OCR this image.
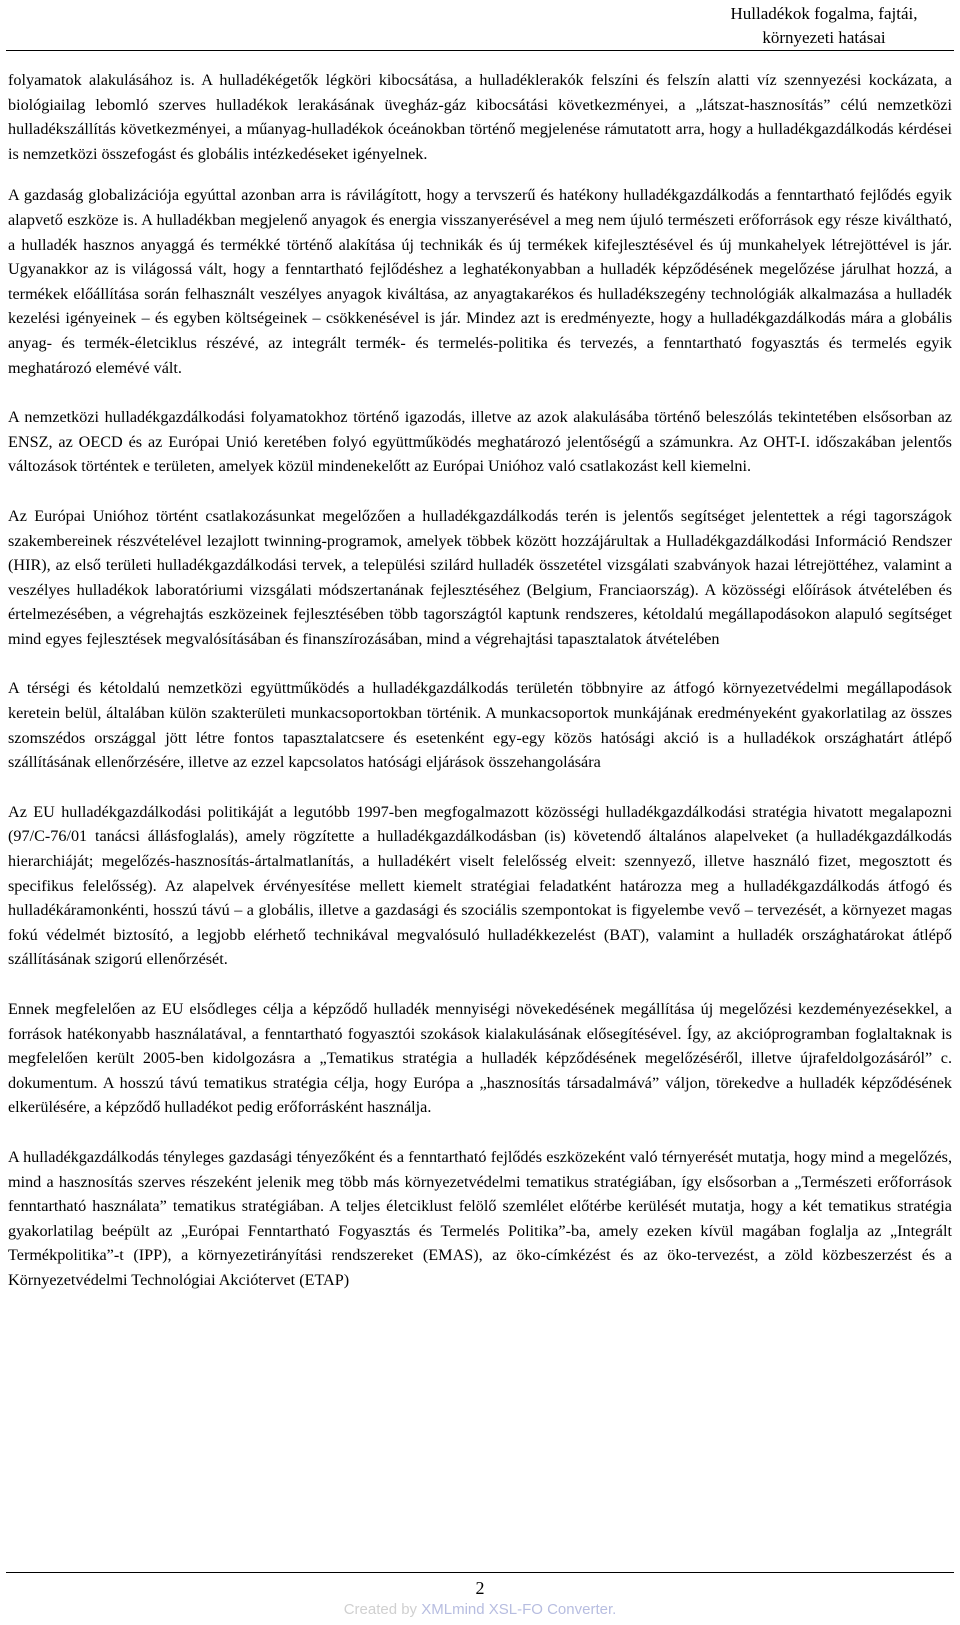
Hulladékok fogalma, fajtái,
környezeti hatásai

folyamatok alakulásához is. A hulladékégetők légköri kibocsátása, a hulladéklerakók felszíni és felszín alatti víz szennyezési kockázata, a biológiailag lebomló szerves hulladékok lerakásának üvegház-gáz kibocsátási következményei, a „látszat-hasznosítás” célú nemzetközi hulladékszállítás következményei, a műanyag-hulladékok óceánokban történő megjelenése rámutatott arra, hogy a hulladékgazdálkodás kérdései is nemzetközi összefogást és globális intézkedéseket igényelnek.

A gazdaság globalizációja egyúttal azonban arra is rávilágított, hogy a tervszerű és hatékony hulladékgazdálkodás a fenntartható fejlődés egyik alapvető eszköze is. A hulladékban megjelenő anyagok és energia visszanyerésével a meg nem újuló természeti erőforrások egy része kiváltható, a hulladék hasznos anyaggá és termékké történő alakítása új technikák és új termékek kifejlesztésével és új munkahelyek létrejöttével is jár. Ugyanakkor az is világossá vált, hogy a fenntartható fejlődéshez a leghatékonyabban a hulladék képződésének megelőzése járulhat hozzá, a termékek előállítása során felhasznált veszélyes anyagok kiváltása, az anyagtakarékos és hulladékszegény technológiák alkalmazása a hulladék kezelési igényeinek – és egyben költségeinek – csökkenésével is jár. Mindez azt is eredményezte, hogy a hulladékgazdálkodás mára a globális anyag- és termék-életciklus részévé, az integrált termék- és termelés-politika és tervezés, a fenntartható fogyasztás és termelés egyik meghatározó elemévé vált.

A nemzetközi hulladékgazdálkodási folyamatokhoz történő igazodás, illetve az azok alakulásába történő beleszólás tekintetében elsősorban az ENSZ, az OECD és az Európai Unió keretében folyó együttműködés meghatározó jelentőségű a számunkra. Az OHT-I. időszakában jelentős változások történtek e területen, amelyek közül mindenekelőtt az Európai Unióhoz való csatlakozást kell kiemelni.

Az Európai Unióhoz történt csatlakozásunkat megelőzően a hulladékgazdálkodás terén is jelentős segítséget jelentettek a régi tagországok szakembereinek részvételével lezajlott twinning-programok, amelyek többek között hozzájárultak a Hulladékgazdálkodási Információ Rendszer (HIR), az első területi hulladékgazdálkodási tervek, a települési szilárd hulladék összetétel vizsgálati szabványok hazai létrejöttéhez, valamint a veszélyes hulladékok laboratóriumi vizsgálati módszertanának fejlesztéséhez (Belgium, Franciaország). A közösségi előírások átvételében és értelmezésében, a végrehajtás eszközeinek fejlesztésében több tagországtól kaptunk rendszeres, kétoldalú megállapodásokon alapuló segítséget mind egyes fejlesztések megvalósításában és finanszírozásában, mind a végrehajtási tapasztalatok átvételében

A térségi és kétoldalú nemzetközi együttműködés a hulladékgazdálkodás területén többnyire az átfogó környezetvédelmi megállapodások keretein belül, általában külön szakterületi munkacsoportokban történik. A munkacsoportok munkájának eredményeként gyakorlatilag az összes szomszédos országgal jött létre fontos tapasztalatcsere és esetenként egy-egy közös hatósági akció is a hulladékok országhatárt átlépő szállításának ellenőrzésére, illetve az ezzel kapcsolatos hatósági eljárások összehangolására

Az EU hulladékgazdálkodási politikáját a legutóbb 1997-ben megfogalmazott közösségi hulladékgazdálkodási stratégia hivatott megalapozni (97/C-76/01 tanácsi állásfoglalás), amely rögzítette a hulladékgazdálkodásban (is) követendő általános alapelveket (a hulladékgazdálkodás hierarchiáját; megelőzés-hasznosítás-ártalmatlanítás, a hulladékért viselt felelősség elveit: szennyező, illetve használó fizet, megosztott és specifikus felelősség). Az alapelvek érvényesítése mellett kiemelt stratégiai feladatként határozza meg a hulladékgazdálkodás átfogó és hulladékáramonkénti, hosszú távú – a globális, illetve a gazdasági és szociális szempontokat is figyelembe vevő – tervezését, a környezet magas fokú védelmét biztosító, a legjobb elérhető technikával megvalósuló hulladékkezelést (BAT), valamint a hulladék országhatárokat átlépő szállításának szigorú ellenőrzését.

Ennek megfelelően az EU elsődleges célja a képződő hulladék mennyiségi növekedésének megállítása új megelőzési kezdeményezésekkel, a források hatékonyabb használatával, a fenntartható fogyasztói szokások kialakulásának elősegítésével. Így, az akcióprogramban foglaltaknak is megfelelően került 2005-ben kidolgozásra a „Tematikus stratégia a hulladék képződésének megelőzéséről, illetve újrafeldolgozásáról” c. dokumentum. A hosszú távú tematikus stratégia célja, hogy Európa a „hasznosítás társadalmává” váljon, törekedve a hulladék képződésének elkerülésére, a képződő hulladékot pedig erőforrásként használja.

A hulladékgazdálkodás tényleges gazdasági tényezőként és a fenntartható fejlődés eszközeként való térnyerését mutatja, hogy mind a megelőzés, mind a hasznosítás szerves részeként jelenik meg több más környezetvédelmi tematikus stratégiában, így elsősorban a „Természeti erőforrások fenntartható használata” tematikus stratégiában. A teljes életciklust felölő szemlélet előtérbe kerülését mutatja, hogy a két tematikus stratégia gyakorlatilag beépült az „Európai Fenntartható Fogyasztás és Termelés Politika”-ba, amely ezeken kívül magában foglalja az „Integrált Termékpolitika”-t (IPP), a környezetirányítási rendszereket (EMAS), az öko-címkézést és az öko-tervezést, a zöld közbeszerzést és a Környezetvédelmi Technológiai Akciótervet (ETAP)

2
Created by XMLmind XSL-FO Converter.
